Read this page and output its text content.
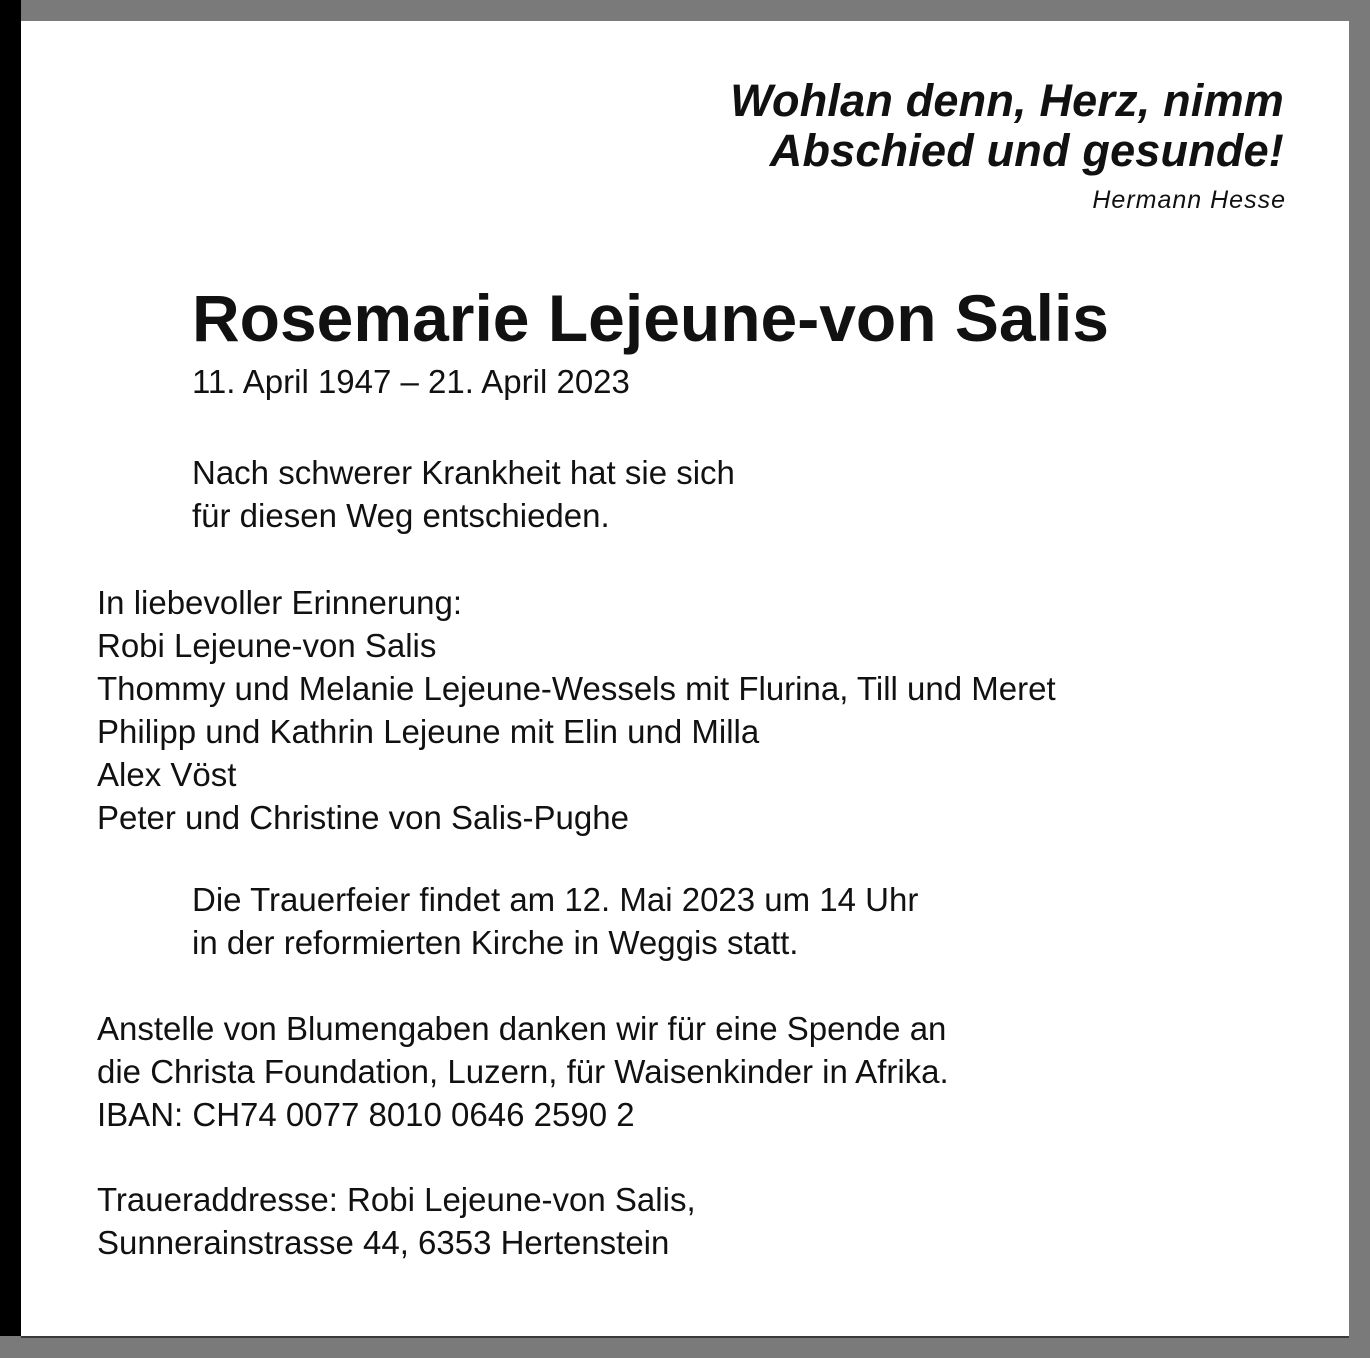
Wohlan denn, Herz, nimm
Abschied und gesunde!
Hermann Hesse
Rosemarie Lejeune-von Salis
11. April 1947 – 21. April 2023
Nach schwerer Krankheit hat sie sich
für diesen Weg entschieden.
In liebevoller Erinnerung:
Robi Lejeune-von Salis
Thommy und Melanie Lejeune-Wessels mit Flurina, Till und Meret
Philipp und Kathrin Lejeune mit Elin und Milla
Alex Vöst
Peter und Christine von Salis-Pughe
Die Trauerfeier findet am 12. Mai 2023 um 14 Uhr
in der reformierten Kirche in Weggis statt.
Anstelle von Blumengaben danken wir für eine Spende an
die Christa Foundation, Luzern, für Waisenkinder in Afrika.
IBAN: CH74 0077 8010 0646 2590 2
Traueraddresse: Robi Lejeune-von Salis,
Sunnerainstrasse 44, 6353 Hertenstein
